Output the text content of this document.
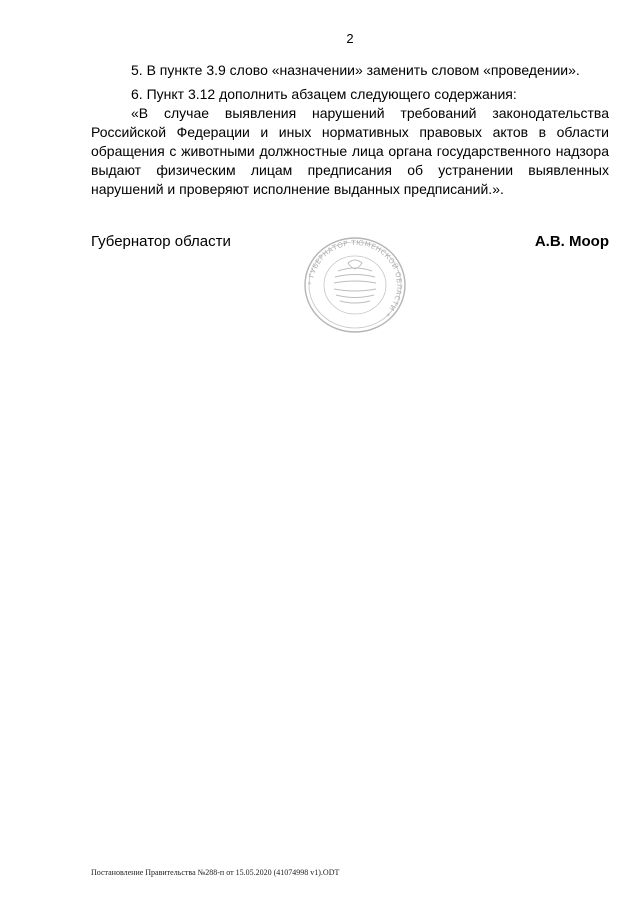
2

5. В пункте 3.9 слово «назначении» заменить словом «проведении».

6. Пункт 3.12 дополнить абзацем следующего содержания:

«В случае выявления нарушений требований законодательства
Российской Федерации и иных нормативных правовых актов в области
обращения с животными должностные лица органа государственного надзора
выдают физическим лицам предписания об устранении выявленных
нарушений и проверяют исполнение выданных предписаний.».
Губернатор области	А.В. Моор
* ГУБЕРНАТОР ТЮМЕНСКОЙ ОБЛАСТИ *
Постановление Правительства №288-п от 15.05.2020 (41074998 v1).ODT
